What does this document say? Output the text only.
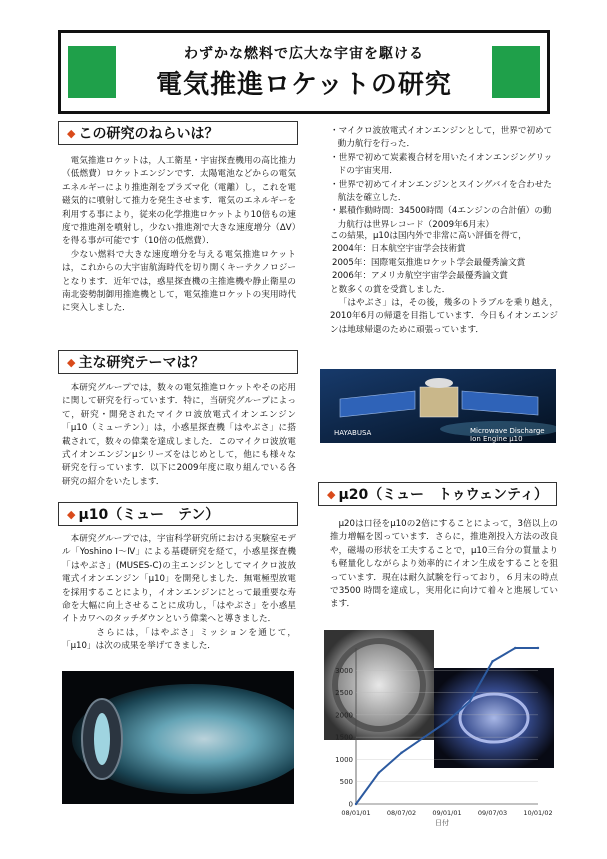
わずかな燃料で広大な宇宙を駆ける
電気推進ロケットの研究
◆ この研究のねらいは？

電気推進ロケットは，人工衛星・宇宙探査機用の高比推力（低燃費）ロケットエンジンです．太陽電池などからの電気エネルギーにより推進剤をプラズマ化（電離）し，これを電磁気的に噴射して推力を発生させます．電気のエネルギーを利用する事により，従来の化学推進ロケットより10倍もの速度で推進剤を噴射し，少ない推進剤で大きな速度増分（ΔV）を得る事が可能です（10倍の低燃費）．

少ない燃料で大きな速度増分を与える電気推進ロケットは，これからの大宇宙航海時代を切り開くキーテクノロジーとなります．近年では，惑星探査機の主推進機や静止衛星の南北姿勢制御用推進機として，電気推進ロケットの実用時代に突入しました．

◆ 主な研究テーマは？

本研究グループでは，数々の電気推進ロケットやその応用に関して研究を行っています．特に，当研究グループによって，研究・開発されたマイクロ波放電式イオンエンジン「μ10（ミューテン）」は，小惑星探査機「はやぶさ」に搭載されて，数々の偉業を達成しました．このマイクロ波放電式イオンエンジンμシリーズをはじめとして，他にも様々な研究を行っています．以下に2009年度に取り組んでいる各研究の紹介をいたします．

◆ μ10（ミュー　テン）

本研究グループでは，宇宙科学研究所における実験室モデル「Yoshino Ⅰ〜Ⅳ」による基礎研究を経て，小惑星探査機「はやぶさ」(MUSES-C)の主エンジンとしてマイクロ波放電式イオンエンジン「μ10」を開発しました．無電極型放電を採用することにより，イオンエンジンにとって最重要な寿命を大幅に向上させることに成功し，「はやぶさ」を小惑星イトカワへのタッチダウンという偉業へと導きました．

さらには，「はやぶさ」ミッションを通じて，「μ10」は次の成果を挙げてきました．

・マイクロ波放電式イオンエンジンとして，世界で初めて動力航行を行った．
・世界で初めて炭素複合材を用いたイオンエンジングリッドの宇宙実用．
・世界で初めてイオンエンジンとスイングバイを合わせた航法を確立した．
・累積作動時間：34500時間（4エンジンの合計値）の動力航行は世界レコード（2009年6月末）
この結果，μ10は国内外で非常に高い評価を得て，
2004年：日本航空宇宙学会技術賞
2005年：国際電気推進ロケット学会最優秀論文賞
2006年：アメリカ航空宇宙学会最優秀論文賞
と数多くの賞を受賞しました．

「はやぶさ」は，その後，幾多のトラブルを乗り越え，2010年6月の帰還を目指しています．今日もイオンエンジンは地球帰還のために頑張っています．

HAYABUSA	Microwave Discharge
Ion Engine μ10
◆ μ20（ミュー　トゥウェンティ）

μ20は口径をμ10の2倍にすることによって，3倍以上の推力増幅を図っています．さらに，推進剤投入方法の改良や，磁場の形状を工夫することで，μ10三台分の質量よりも軽量化しながらより効率的にイオン生成をすることを狙っています．現在は耐久試験を行っており，６月末の時点で3500 時間を達成し，実用化に向けて着々と進展しています．

0
500
1000
1500
2000
2500
3000
08/01/01	08/07/02	09/01/01	09/07/03	10/01/02
日付
